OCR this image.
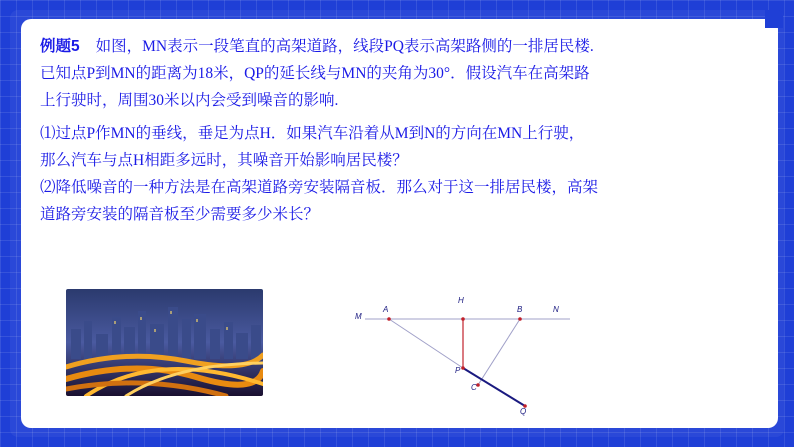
例题5 如图，MN表示一段笔直的高架道路，线段PQ表示高架路侧的一排居民楼.

已知点P到MN的距离为18米，QP的延长线与MN的夹角为30°．假设汽车在高架路

上行驶时，周围30米以内会受到噪音的影响.

⑴过点P作MN的垂线，垂足为点H．如果汽车沿着从M到N的方向在MN上行驶，

那么汽车与点H相距多远时，其噪音开始影响居民楼？

⑵降低噪音的一种方法是在高架道路旁安装隔音板．那么对于这一排居民楼，高架

道路旁安装的隔音板至少需要多少米长？

M
A
H
B	N
P
C
Q
